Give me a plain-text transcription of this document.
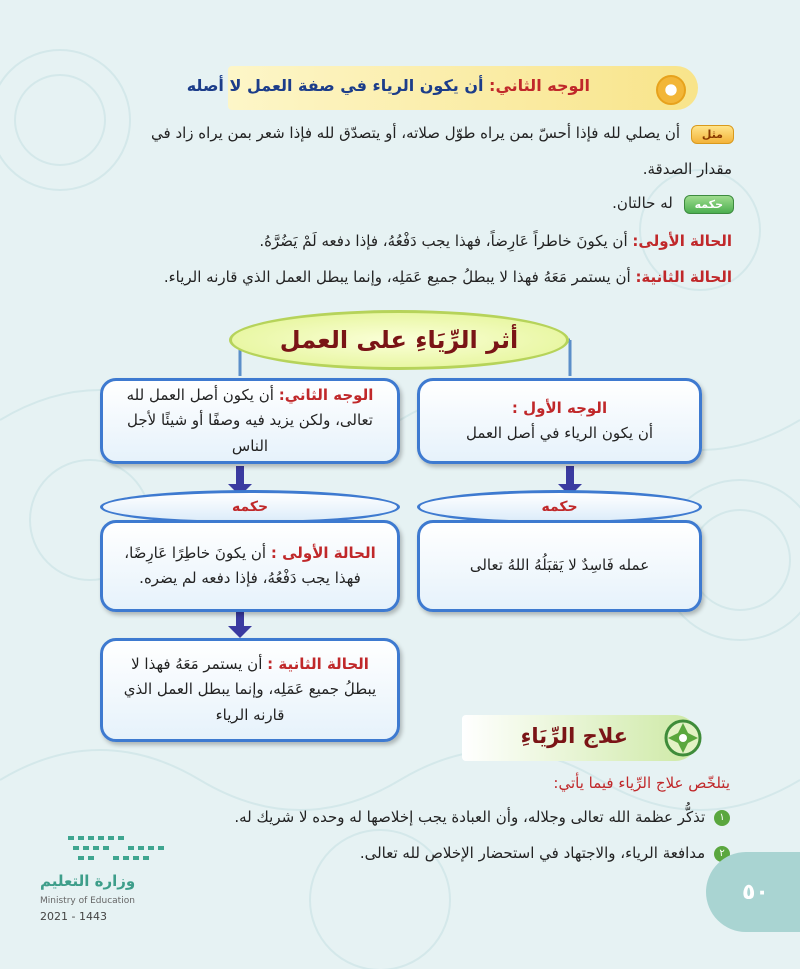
الوجه الثاني: أن يكون الرياء في صفة العمل لا أصله
مثل أن يصلي لله فإذا أحسّ بمن يراه طوّل صلاته، أو يتصدّق لله فإذا شعر بمن يراه زاد في
مقدار الصدقة.
حكمه له حالتان.
الحالة الأولى: أن يكونَ خاطراً عَارِضاً، فهذا يجب دَفْعُهُ، فإذا دفعه لَمْ يَضُرَّهُ.
الحالة الثانية: أن يستمر مَعَهُ فهذا لا يبطلُ جميع عَمَلِه، وإنما يبطل العمل الذي قارنه الرياء.
أثر الرِّيَاءِ على العمل
الوجه الثاني: أن يكون أصل العمل لله تعالى، ولكن يزيد فيه وصفًا أو شيئًا لأجل الناس
الوجه الأول :
أن يكون الرياء في أصل العمل
حكمه	حكمه
الحالة الأولى : أن يكونَ خاطِرًا عَارِضًا، فهذا يجب دَفْعُهُ، فإذا دفعه لم يضره.
عمله فَاسِدٌ لا يَقبَلُهُ اللهُ تعالى
الحالة الثانية : أن يستمر مَعَهُ فهذا لا يبطلُ جميع عَمَلِه، وإنما يبطل العمل الذي قارنه الرياء
علاج الرِّيَاءِ
يتلخّص علاج الرِّياء فيما يأتي:
١ تذكُّر عظمة الله تعالى وجلاله، وأن العبادة يجب إخلاصها له وحده لا شريك له.
٢ مدافعة الرياء، والاجتهاد في استحضار الإخلاص لله تعالى.
وزارة التعليم
Ministry of Education
2021 - 1443
٥٠
